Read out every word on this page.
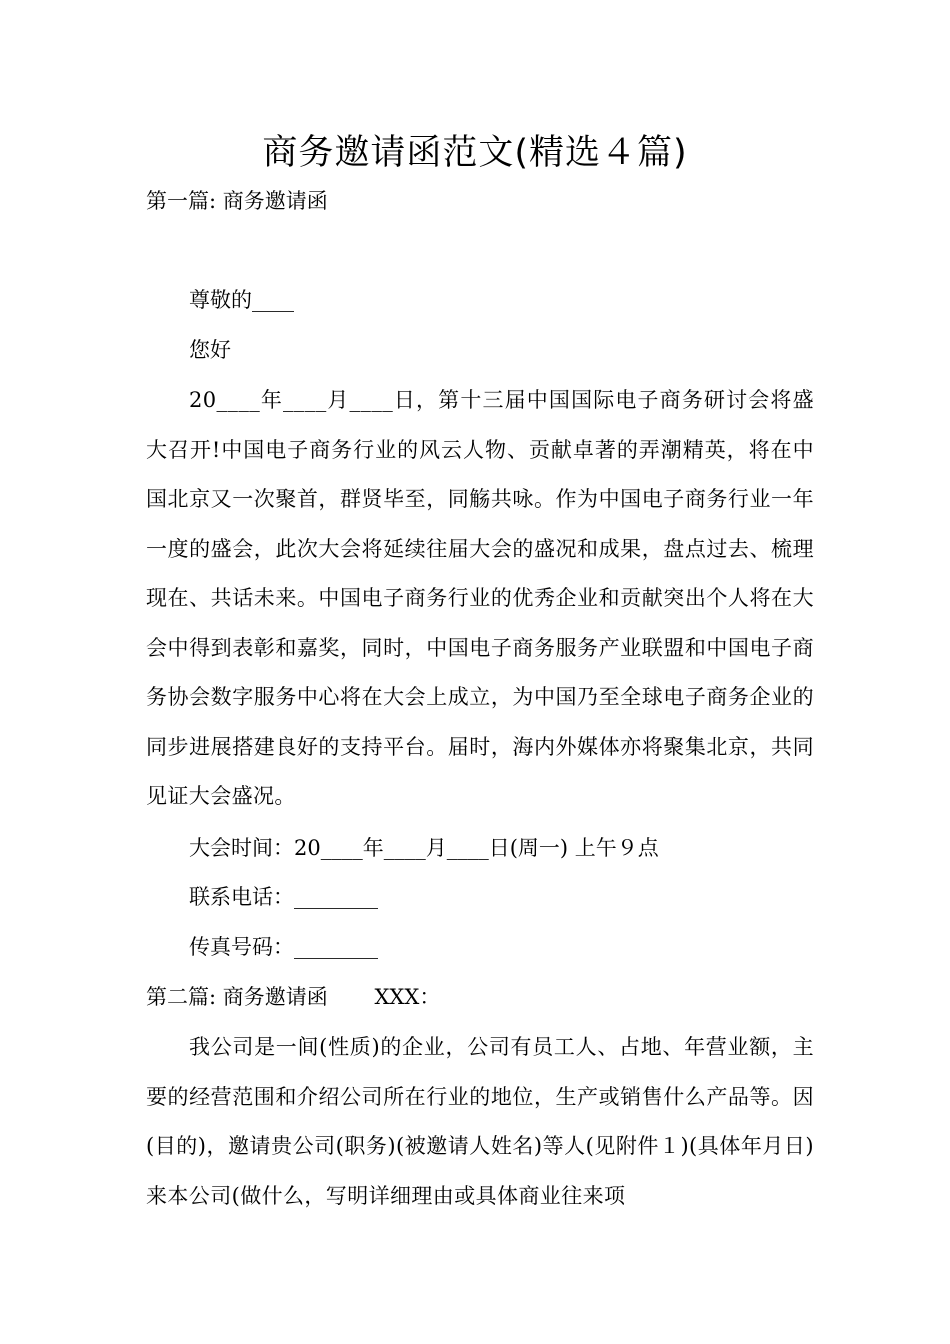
商务邀请函范文(精选４篇)
第一篇: 商务邀请函
尊敬的____
您好
20____年____月____日，第十三届中国国际电子商务研讨会将盛大召开!中国电子商务行业的风云人物、贡献卓著的弄潮精英，将在中国北京又一次聚首，群贤毕至，同觞共咏。作为中国电子商务行业一年一度的盛会，此次大会将延续往届大会的盛况和成果，盘点过去、梳理现在、共话未来。中国电子商务行业的优秀企业和贡献突出个人将在大会中得到表彰和嘉奖，同时，中国电子商务服务产业联盟和中国电子商务协会数字服务中心将在大会上成立，为中国乃至全球电子商务企业的同步进展搭建良好的支持平台。届时，海内外媒体亦将聚集北京，共同见证大会盛况。
大会时间：20____年____月____日(周一) 上午９点
联系电话：________
传真号码：________
第二篇: 商务邀请函       XXX：
我公司是一间(性质)的企业，公司有员工人、占地、年营业额，主要的经营范围和介绍公司所在行业的地位，生产或销售什么产品等。因(目的)，邀请贵公司(职务)(被邀请人姓名)等人(见附件１)(具体年月日)来本公司(做什么，写明详细理由或具体商业往来项
